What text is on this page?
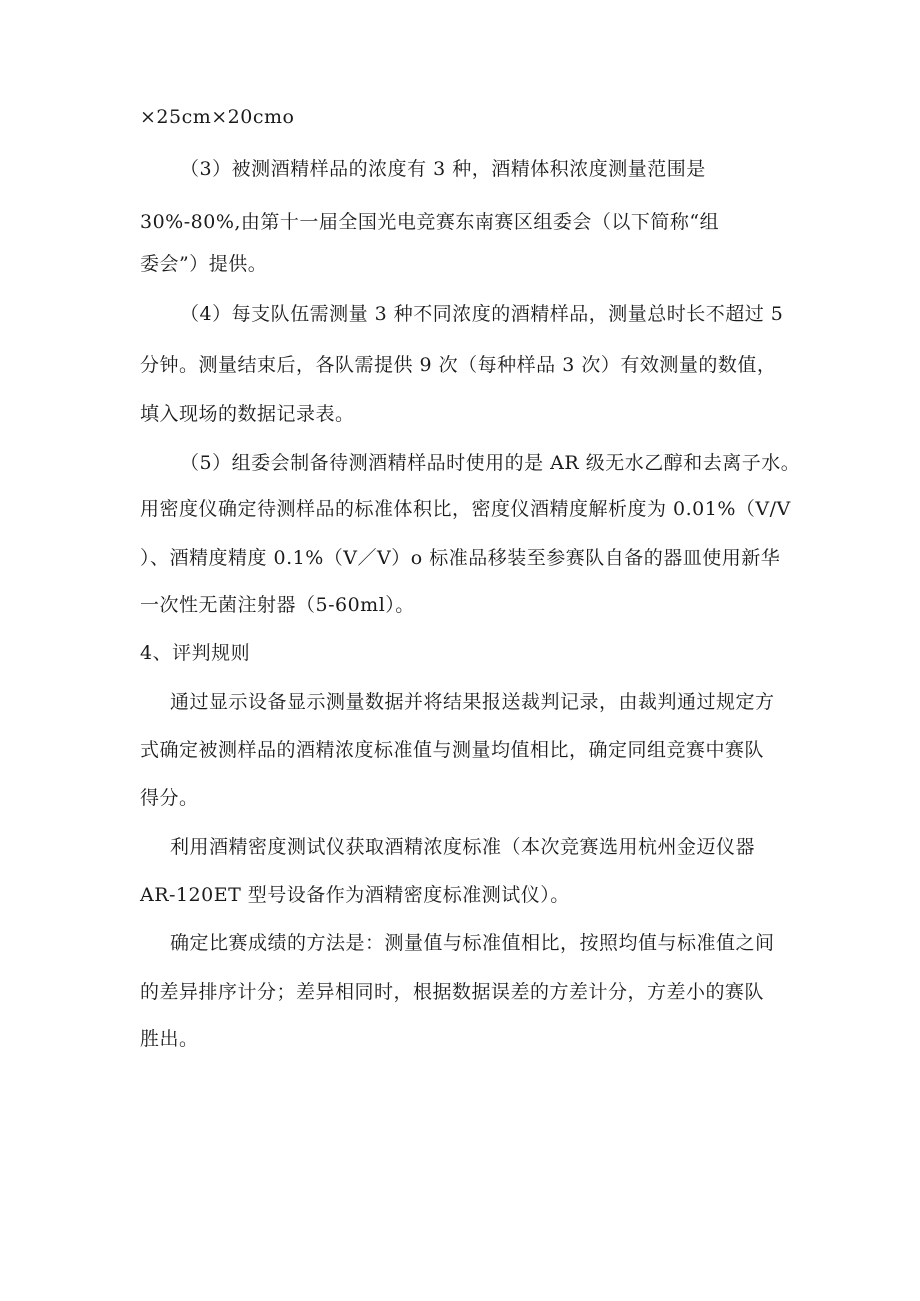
×25cm×20cmo
（3）被测酒精样品的浓度有 3 种，酒精体积浓度测量范围是
30%-80%,由第十一届全国光电竞赛东南赛区组委会（以下简称“组
委会”）提供。
（4）每支队伍需测量 3 种不同浓度的酒精样品，测量总时长不超过 5
分钟。测量结束后，各队需提供 9 次（每种样品 3 次）有效测量的数值，
填入现场的数据记录表。
（5）组委会制备待测酒精样品时使用的是 AR 级无水乙醇和去离子水。
用密度仪确定待测样品的标准体积比，密度仪酒精度解析度为 0.01%（V/V
）、酒精度精度 0.1%（V／V）o 标准品移装至参赛队自备的器皿使用新华
一次性无菌注射器（5-60ml）。
4、评判规则
通过显示设备显示测量数据并将结果报送裁判记录，由裁判通过规定方
式确定被测样品的酒精浓度标准值与测量均值相比，确定同组竞赛中赛队
得分。
利用酒精密度测试仪获取酒精浓度标准（本次竞赛选用杭州金迈仪器
AR-120ET 型号设备作为酒精密度标准测试仪）。
确定比赛成绩的方法是：测量值与标准值相比，按照均值与标准值之间
的差异排序计分；差异相同时，根据数据误差的方差计分，方差小的赛队
胜出。
